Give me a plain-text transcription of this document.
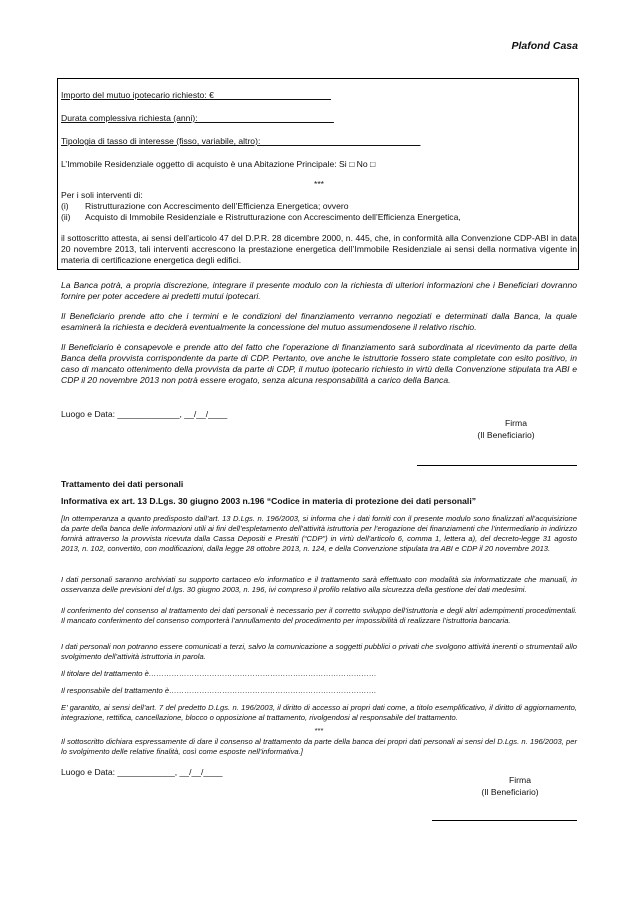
Plafond Casa

Importo del mutuo ipotecario richiesto: € ________________________

Durata complessiva richiesta (anni): ____________________________

Tipologia di tasso di interesse (fisso, variabile, altro): _________________________________

L’Immobile Residenziale oggetto di acquisto è una Abitazione Principale: Si □ No □

***

Per i soli interventi di:

(i)	Ristrutturazione con Accrescimento dell’Efficienza Energetica; ovvero
(ii)	Acquisto di Immobile Residenziale e Ristrutturazione con Accrescimento dell’Efficienza Energetica,

il sottoscritto attesta, ai sensi dell’articolo 47 del D.P.R. 28 dicembre 2000, n. 445, che, in conformità alla Convenzione CDP-ABI in data 20 novembre 2013, tali interventi accrescono la prestazione energetica dell’Immobile Residenziale ai sensi della normativa vigente in materia di certificazione energetica degli edifici.

La Banca potrà, a propria discrezione, integrare il presente modulo con la richiesta di ulteriori informazioni che i Beneficiari dovranno fornire per poter accedere ai predetti mutui ipotecari.

Il Beneficiario prende atto che i termini e le condizioni del finanziamento verranno negoziati e determinati dalla Banca, la quale esaminerà la richiesta e deciderà eventualmente la concessione del mutuo assumendosene il relativo rischio.

Il Beneficiario è consapevole e prende atto del fatto che l’operazione di finanziamento sarà subordinata al ricevimento da parte della Banca della provvista corrispondente da parte di CDP. Pertanto, ove anche le istruttorie fossero state completate con esito positivo, in caso di mancato ottenimento della provvista da parte di CDP, il mutuo ipotecario richiesto in virtù della Convenzione stipulata tra ABI e CDP il 20 novembre 2013 non potrà essere erogato, senza alcuna responsabilità a carico della Banca.

Luogo e Data: _____________, __/__/____

Firma
(Il Beneficiario)

Trattamento dei dati personali

Informativa ex art. 13 D.Lgs. 30 giugno 2003 n.196 “Codice in materia di protezione dei dati personali”

[In ottemperanza a quanto predisposto dall’art. 13 D.Lgs. n. 196/2003, si informa che i dati forniti con il presente modulo sono finalizzati all’acquisizione da parte della banca delle informazioni utili ai fini dell’espletamento dell’attività istruttoria per l’erogazione dei finanziamenti che l’intermediario in indirizzo fornirà attraverso la provvista ricevuta dalla Cassa Depositi e Prestiti (“CDP”) in virtù dell’articolo 6, comma 1, lettera a), del decreto-legge 31 agosto 2013, n. 102, convertito, con modificazioni, dalla legge 28 ottobre 2013, n. 124, e della Convenzione stipulata tra ABI e CDP il 20 novembre 2013.

I dati personali saranno archiviati su supporto cartaceo e/o informatico e il trattamento sarà effettuato con modalità sia informatizzate che manuali, in osservanza delle previsioni del d.lgs. 30 giugno 2003, n. 196, ivi compreso il profilo relativo alla sicurezza della gestione dei dati medesimi.

Il conferimento del consenso al trattamento dei dati personali è necessario per il corretto sviluppo dell’istruttoria e degli altri adempimenti procedimentali. Il mancato conferimento del consenso comporterà l’annullamento del procedimento per impossibilità di realizzare l’istruttoria bancaria.

I dati personali non potranno essere comunicati a terzi, salvo la comunicazione a soggetti pubblici o privati che svolgono attività inerenti o strumentali allo svolgimento dell’attività istruttoria in parola.

Il titolare del trattamento è………………………………………………………………………………

Il responsabile del trattamento è……………………………………………………………………….

E’ garantito, ai sensi dell’art. 7 del predetto D.Lgs. n. 196/2003, il diritto di accesso ai propri dati come, a titolo esemplificativo, il diritto di aggiornamento, integrazione, rettifica, cancellazione, blocco o opposizione al trattamento, rivolgendosi al responsabile del trattamento.

***

Il sottoscritto dichiara espressamente di dare il consenso al trattamento da parte della banca dei propri dati personali ai sensi del D.Lgs. n. 196/2003, per lo svolgimento delle relative finalità, così come esposte nell’informativa.]

Luogo e Data: ____________, __/__/____

Firma
(Il Beneficiario)
